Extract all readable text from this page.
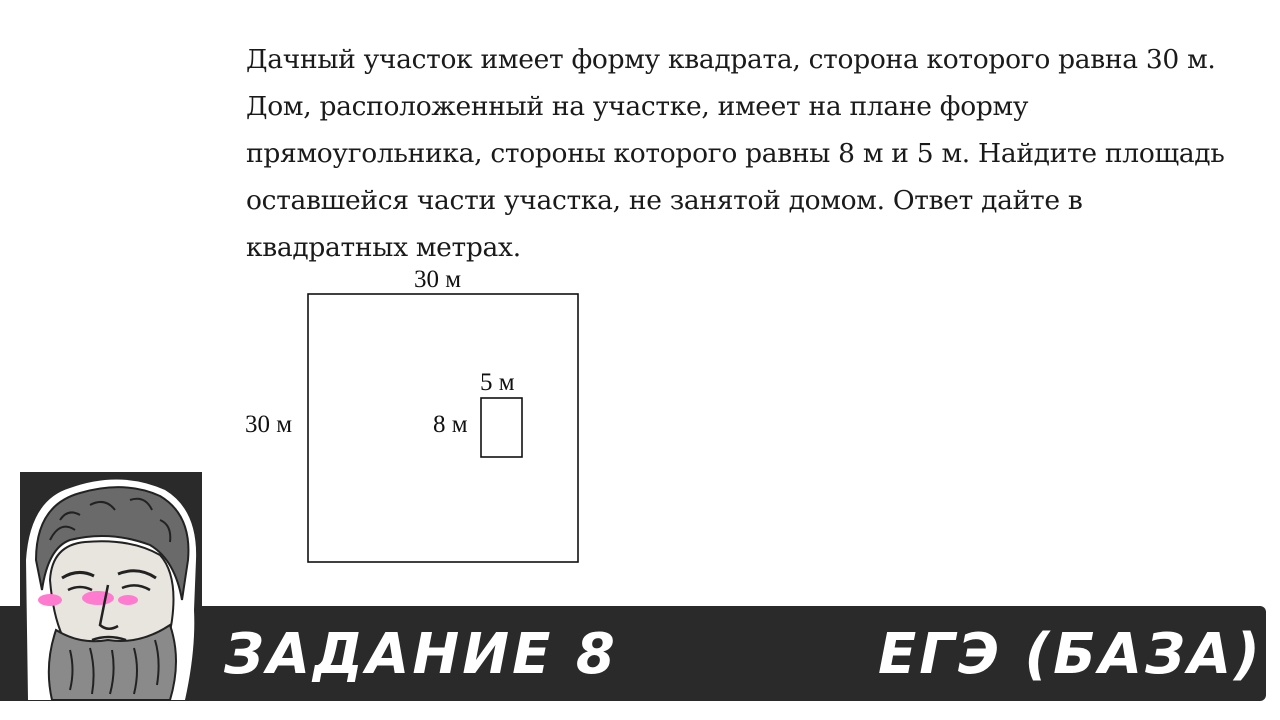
Дачный участок имеет форму квадрата, сторона которого равна 30 м.
Дом, расположенный на участке, имеет на плане форму
прямоугольника, стороны которого равны 8 м и 5 м. Найдите площадь
оставшейся части участка, не занятой домом. Ответ дайте в
квадратных метрах.
30 м
30 м
5 м
8 м
ЗАДАНИЕ 8	ЕГЭ (БАЗА)
